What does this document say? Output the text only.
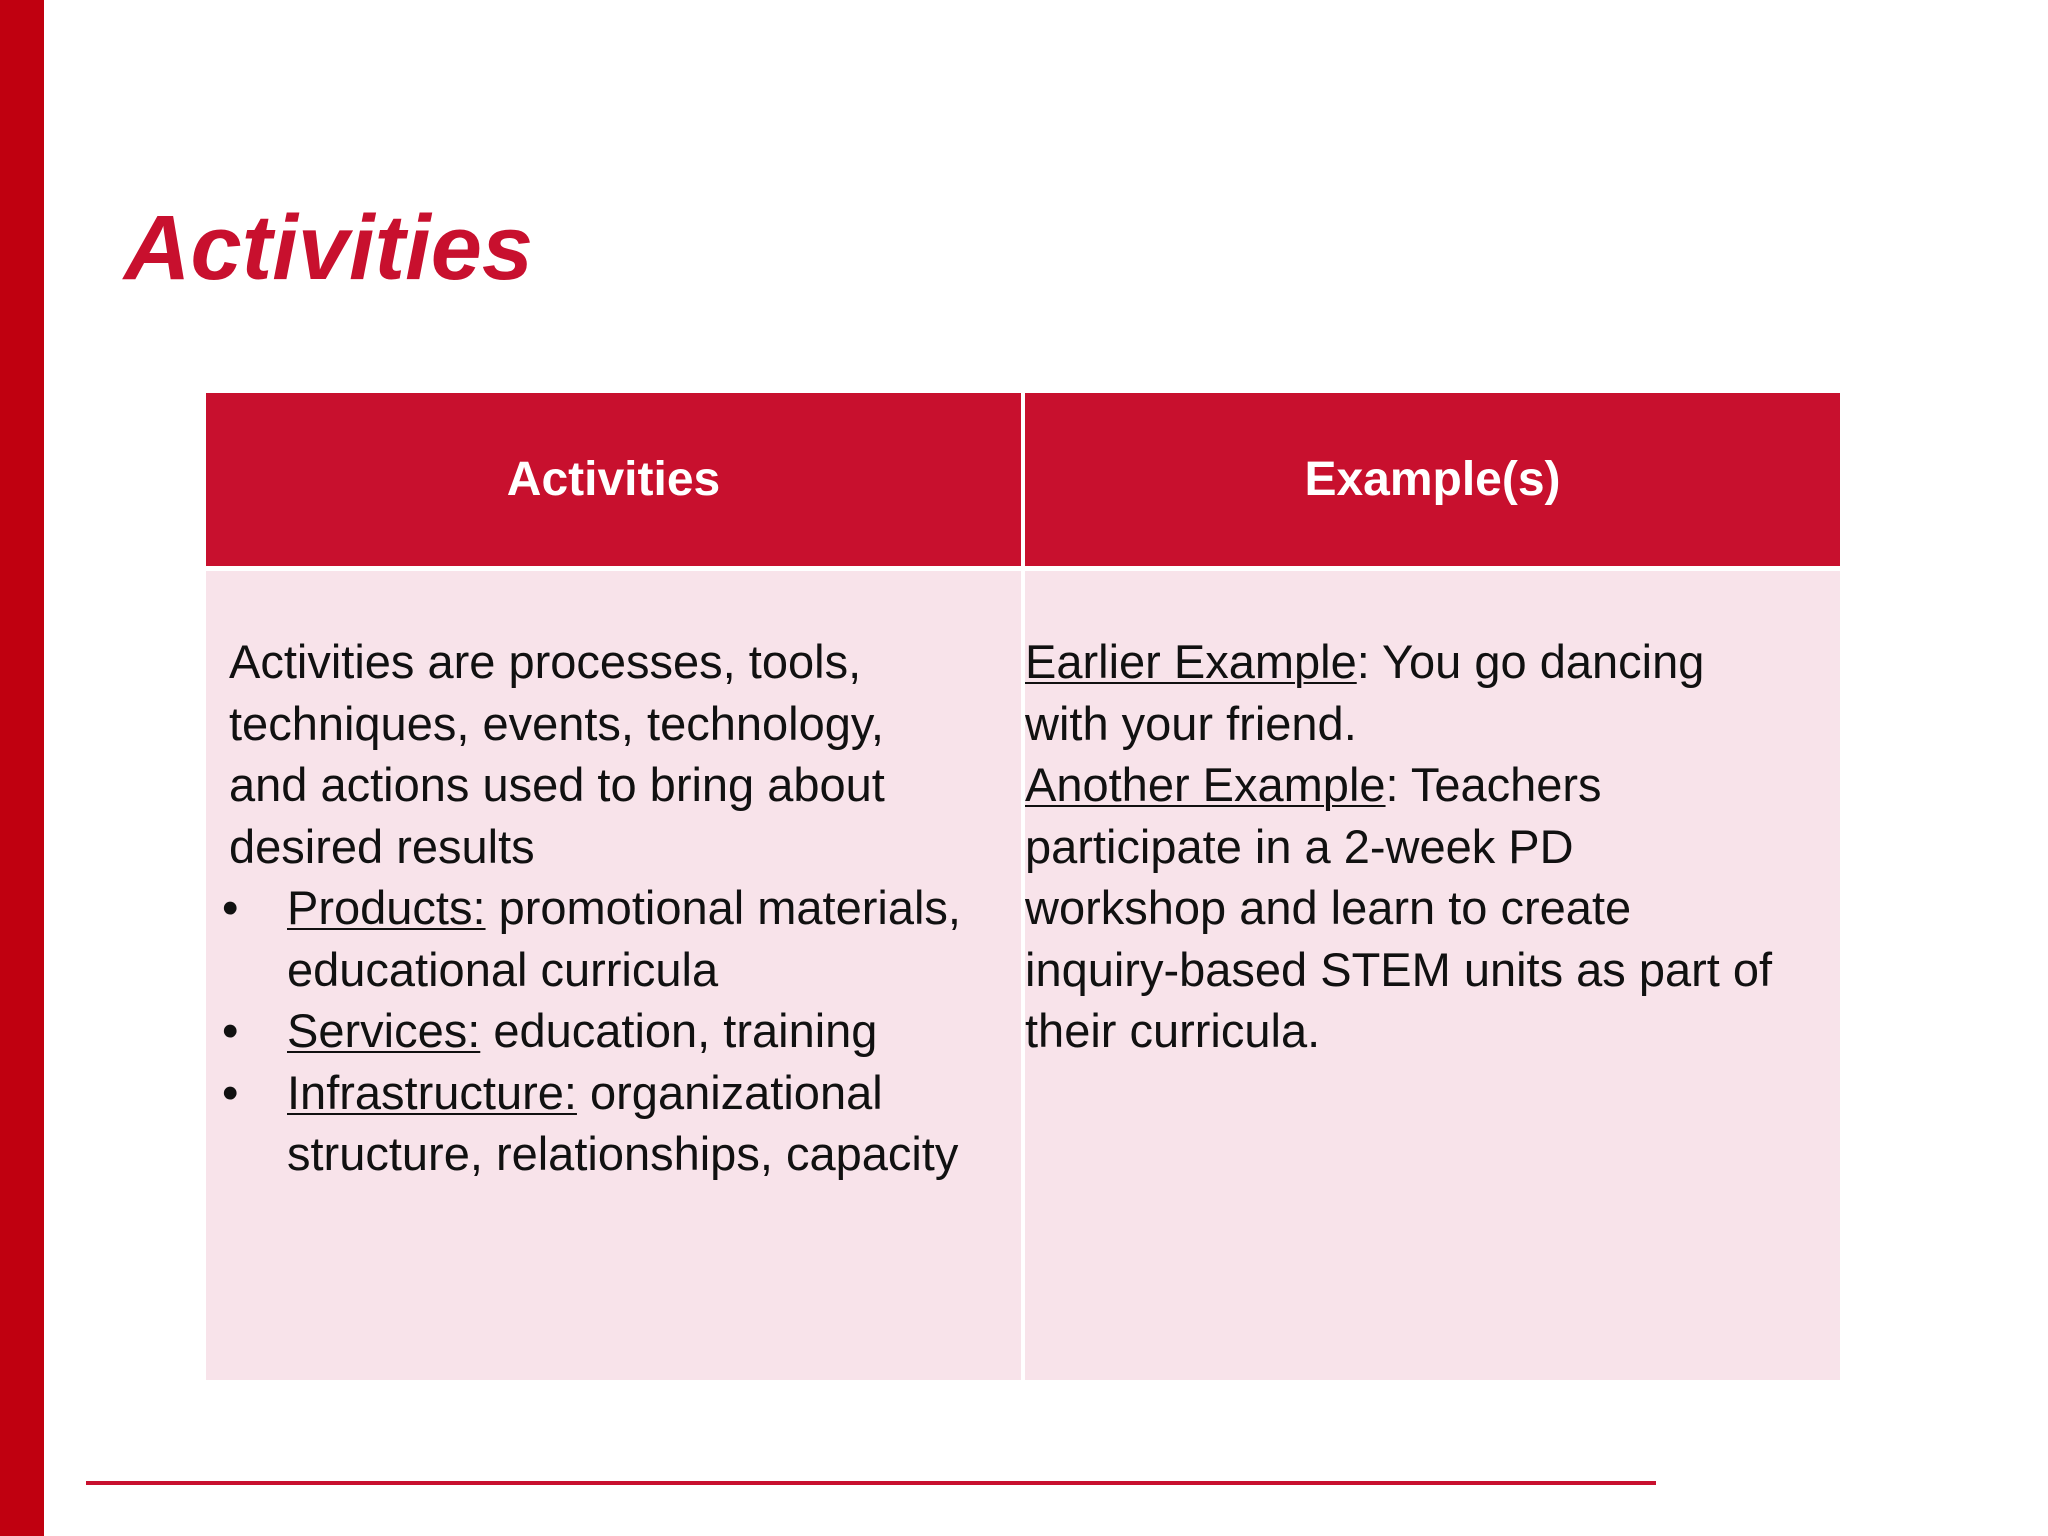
Activities
Activities	Example(s)
Activities are processes, tools,
techniques, events, technology,
and actions used to bring about
desired results
• Products: promotional materials,
educational curricula
• Services: education, training
• Infrastructure: organizational
structure, relationships, capacity
Earlier Example: You go dancing
with your friend.
Another Example: Teachers
participate in a 2-week PD
workshop and learn to create
inquiry-based STEM units as part of
their curricula.
